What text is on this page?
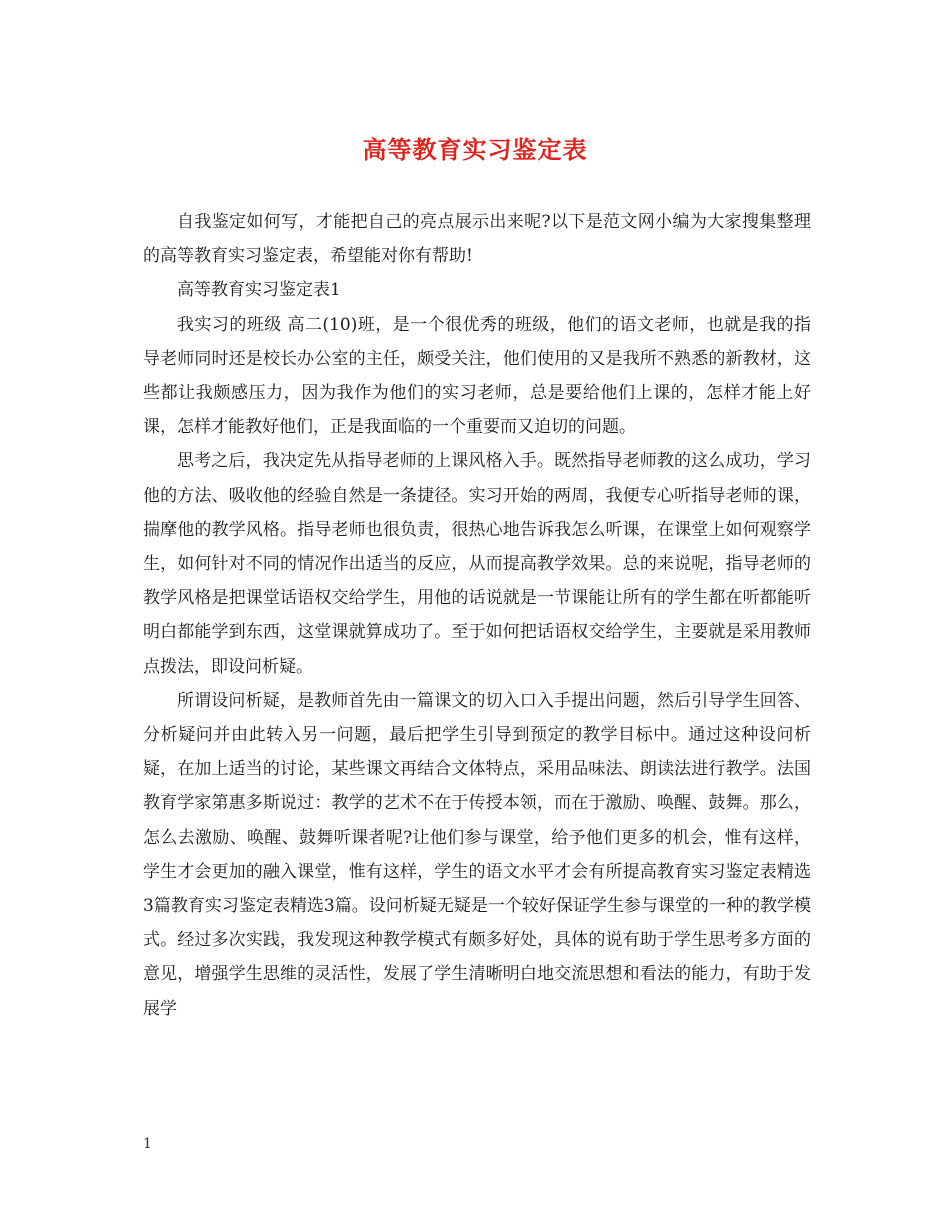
高等教育实习鉴定表

自我鉴定如何写，才能把自己的亮点展示出来呢?以下是范文网小编为大家搜集整理的高等教育实习鉴定表，希望能对你有帮助!

高等教育实习鉴定表1

我实习的班级 高二(10)班，是一个很优秀的班级，他们的语文老师，也就是我的指导老师同时还是校长办公室的主任，颇受关注，他们使用的又是我所不熟悉的新教材，这些都让我颇感压力，因为我作为他们的实习老师，总是要给他们上课的，怎样才能上好课，怎样才能教好他们，正是我面临的一个重要而又迫切的问题。

思考之后，我决定先从指导老师的上课风格入手。既然指导老师教的这么成功，学习他的方法、吸收他的经验自然是一条捷径。实习开始的两周，我便专心听指导老师的课，揣摩他的教学风格。指导老师也很负责，很热心地告诉我怎么听课，在课堂上如何观察学生，如何针对不同的情况作出适当的反应，从而提高教学效果。总的来说呢，指导老师的教学风格是把课堂话语权交给学生，用他的话说就是一节课能让所有的学生都在听都能听明白都能学到东西，这堂课就算成功了。至于如何把话语权交给学生，主要就是采用教师点拨法，即设问析疑。

所谓设问析疑，是教师首先由一篇课文的切入口入手提出问题，然后引导学生回答、分析疑问并由此转入另一问题，最后把学生引导到预定的教学目标中。通过这种设问析疑，在加上适当的讨论，某些课文再结合文体特点，采用品味法、朗读法进行教学。法国教育学家第惠多斯说过：教学的艺术不在于传授本领，而在于激励、唤醒、鼓舞。那么，怎么去激励、唤醒、鼓舞听课者呢?让他们参与课堂，给予他们更多的机会，惟有这样，学生才会更加的融入课堂，惟有这样，学生的语文水平才会有所提高教育实习鉴定表精选3篇教育实习鉴定表精选3篇。设问析疑无疑是一个较好保证学生参与课堂的一种的教学模式。经过多次实践，我发现这种教学模式有颇多好处，具体的说有助于学生思考多方面的意见，增强学生思维的灵活性，发展了学生清晰明白地交流思想和看法的能力，有助于发展学

1
